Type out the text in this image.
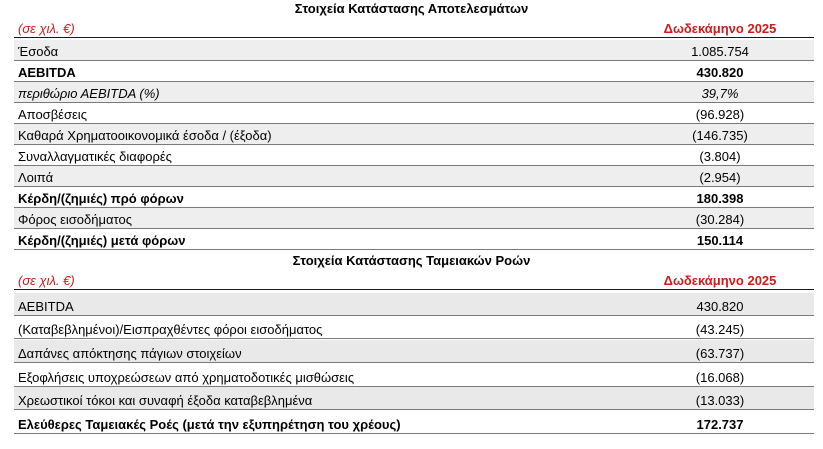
Στοιχεία Κατάστασης Αποτελεσμάτων
(σε χιλ. €)	Δωδεκάμηνο 2025
Έσοδα	1.085.754
ΑΕΒΙΤDΑ	430.820
περιθώριο ΑΕΒΙΤDΑ (%)	39,7%
Αποσβέσεις	(96.928)
Καθαρά Χρηματοοικονομικά έσοδα / (έξοδα)	(146.735)
Συναλλαγματικές διαφορές	(3.804)
Λοιπά	(2.954)
Κέρδη/(ζημιές) πρό φόρων	180.398
Φόρος εισοδήματος	(30.284)
Κέρδη/(ζημιές) μετά φόρων	150.114
Στοιχεία Κατάστασης Ταμειακών Ροών
(σε χιλ. €)	Δωδεκάμηνο 2025
ΑΕΒΙΤDΑ	430.820
(Καταβεβλημένοι)/Εισπραχθέντες φόροι εισοδήματος	(43.245)
Δαπάνες απόκτησης πάγιων στοιχείων	(63.737)
Εξοφλήσεις υποχρεώσεων από χρηματοδοτικές μισθώσεις	(16.068)
Χρεωστικοί τόκοι και συναφή έξοδα καταβεβλημένα	(13.033)
Ελεύθερες Ταμειακές Ροές (μετά την εξυπηρέτηση του χρέους)	172.737
